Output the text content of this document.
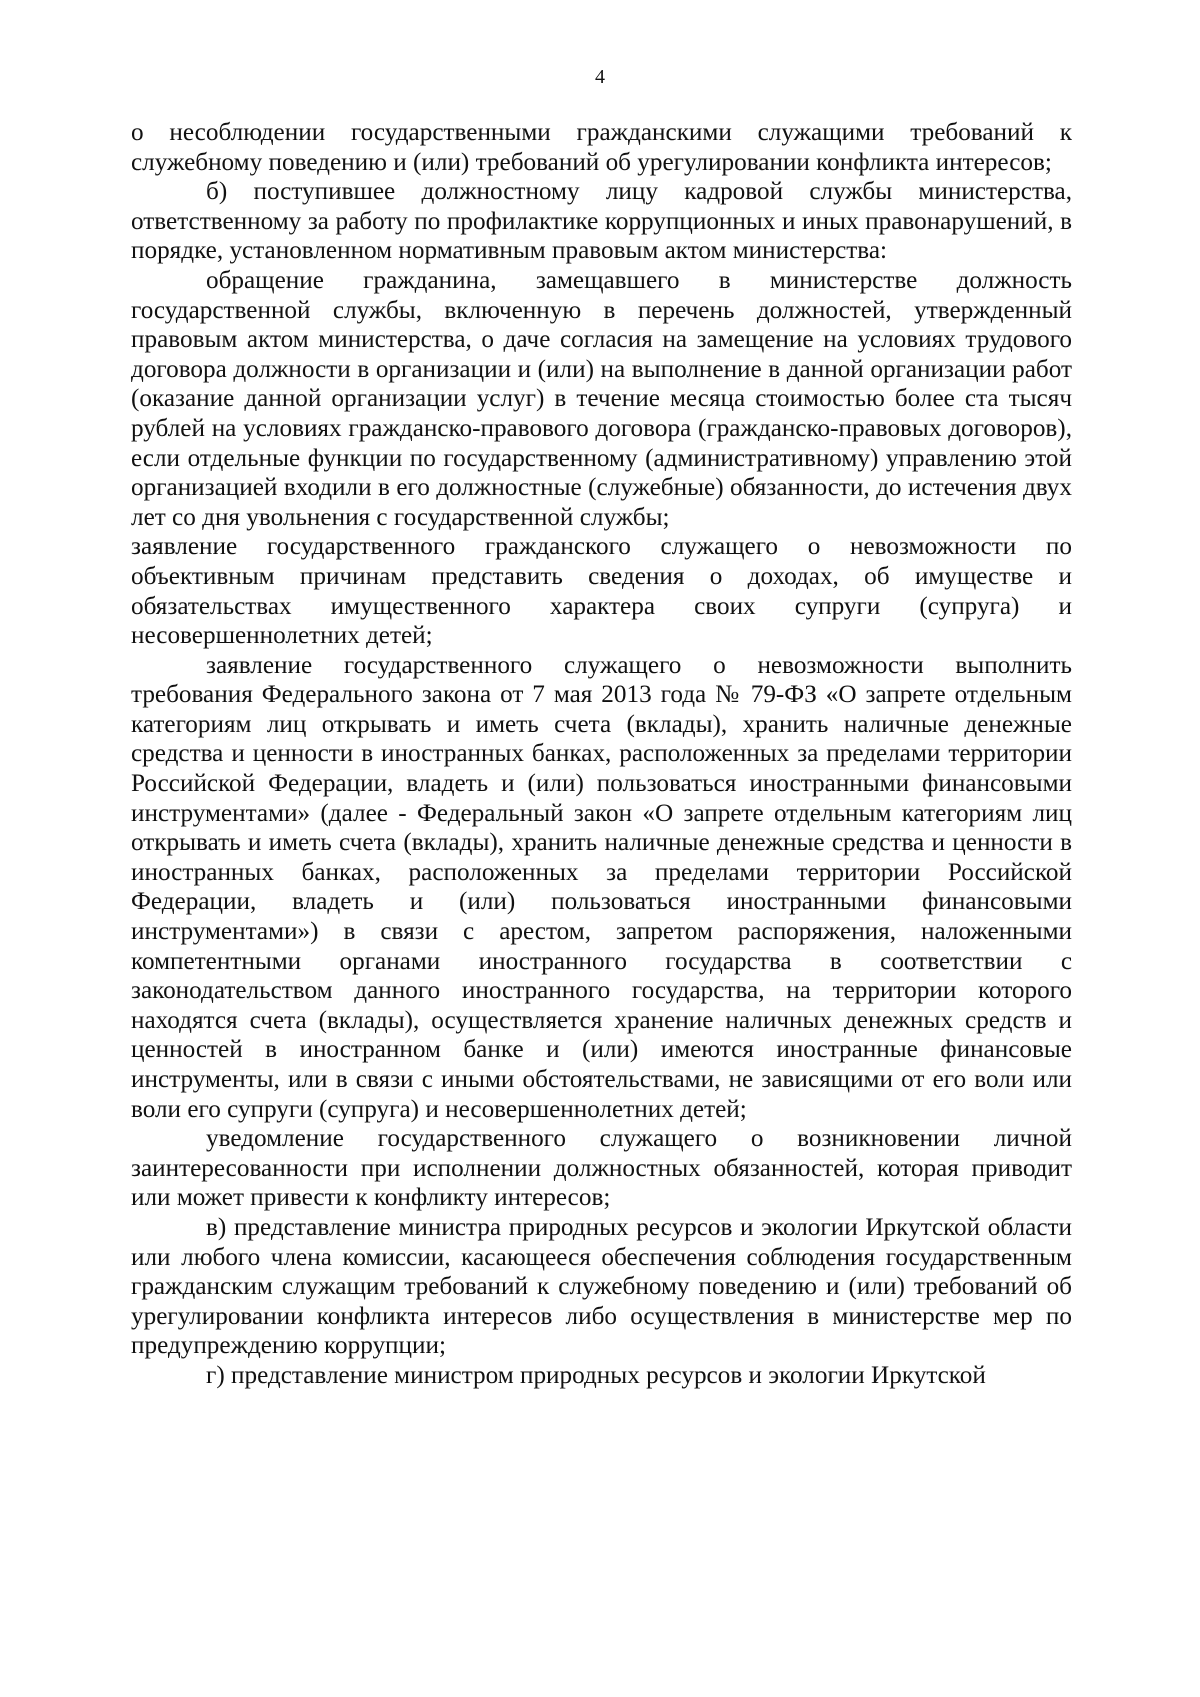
4

о несоблюдении государственными гражданскими служащими требований к служебному поведению и (или) требований об урегулировании конфликта интересов;

б) поступившее должностному лицу кадровой службы министерства, ответственному за работу по профилактике коррупционных и иных правонарушений, в порядке, установленном нормативным правовым актом министерства:

обращение гражданина, замещавшего в министерстве должность государственной службы, включенную в перечень должностей, утвержденный правовым актом министерства, о даче согласия на замещение на условиях трудового договора должности в организации и (или) на выполнение в данной организации работ (оказание данной организации услуг) в течение месяца стоимостью более ста тысяч рублей на условиях гражданско-правового договора (гражданско-правовых договоров), если отдельные функции по государственному (административному) управлению этой организацией входили в его должностные (служебные) обязанности, до истечения двух лет со дня увольнения с государственной службы;

заявление государственного гражданского служащего о невозможности по объективным причинам представить сведения о доходах, об имуществе и обязательствах имущественного характера своих супруги (супруга) и несовершеннолетних детей;

заявление государственного служащего о невозможности выполнить требования Федерального закона от 7 мая 2013 года № 79-ФЗ «О запрете отдельным категориям лиц открывать и иметь счета (вклады), хранить наличные денежные средства и ценности в иностранных банках, расположенных за пределами территории Российской Федерации, владеть и (или) пользоваться иностранными финансовыми инструментами» (далее - Федеральный закон «О запрете отдельным категориям лиц открывать и иметь счета (вклады), хранить наличные денежные средства и ценности в иностранных банках, расположенных за пределами территории Российской Федерации, владеть и (или) пользоваться иностранными финансовыми инструментами») в связи с арестом, запретом распоряжения, наложенными компетентными органами иностранного государства в соответствии с законодательством данного иностранного государства, на территории которого находятся счета (вклады), осуществляется хранение наличных денежных средств и ценностей в иностранном банке и (или) имеются иностранные финансовые инструменты, или в связи с иными обстоятельствами, не зависящими от его воли или воли его супруги (супруга) и несовершеннолетних детей;

уведомление государственного служащего о возникновении личной заинтересованности при исполнении должностных обязанностей, которая приводит или может привести к конфликту интересов;

в) представление министра природных ресурсов и экологии Иркутской области или любого члена комиссии, касающееся обеспечения соблюдения государственным гражданским служащим требований к служебному поведению и (или) требований об урегулировании конфликта интересов либо осуществления в министерстве мер по предупреждению коррупции;

г) представление министром природных ресурсов и экологии Иркутской
